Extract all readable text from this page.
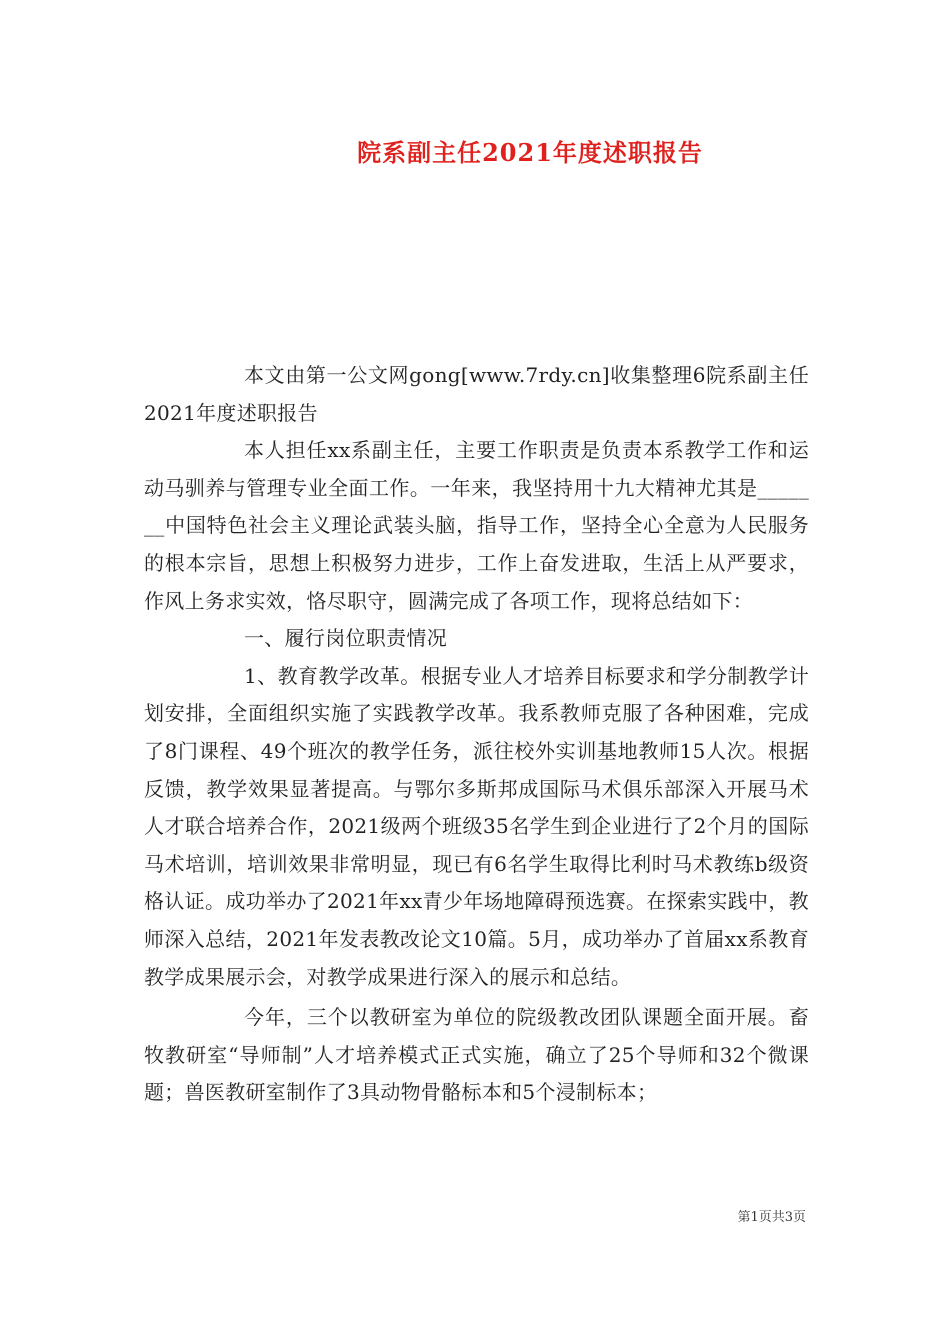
院系副主任2021年度述职报告

本文由第一公文网gong[www.7rdy.cn]收集整理6院系副主任2021年度述职报告

本人担任xx系副主任，主要工作职责是负责本系教学工作和运动马驯养与管理专业全面工作。一年来，我坚持用十九大精神尤其是_______中国特色社会主义理论武装头脑，指导工作，坚持全心全意为人民服务的根本宗旨，思想上积极努力进步，工作上奋发进取，生活上从严要求，作风上务求实效，恪尽职守，圆满完成了各项工作，现将总结如下：

一、履行岗位职责情况

1、教育教学改革。根据专业人才培养目标要求和学分制教学计划安排，全面组织实施了实践教学改革。我系教师克服了各种困难，完成了8门课程、49个班次的教学任务，派往校外实训基地教师15人次。根据反馈，教学效果显著提高。与鄂尔多斯邦成国际马术俱乐部深入开展马术人才联合培养合作，2021级两个班级35名学生到企业进行了2个月的国际马术培训，培训效果非常明显，现已有6名学生取得比利时马术教练b级资格认证。成功举办了2021年xx青少年场地障碍预选赛。在探索实践中，教师深入总结，2021年发表教改论文10篇。5月，成功举办了首届xx系教育教学成果展示会，对教学成果进行深入的展示和总结。

今年，三个以教研室为单位的院级教改团队课题全面开展。畜牧教研室“导师制”人才培养模式正式实施，确立了25个导师和32个微课题；兽医教研室制作了3具动物骨骼标本和5个浸制标本；

第1页共3页
